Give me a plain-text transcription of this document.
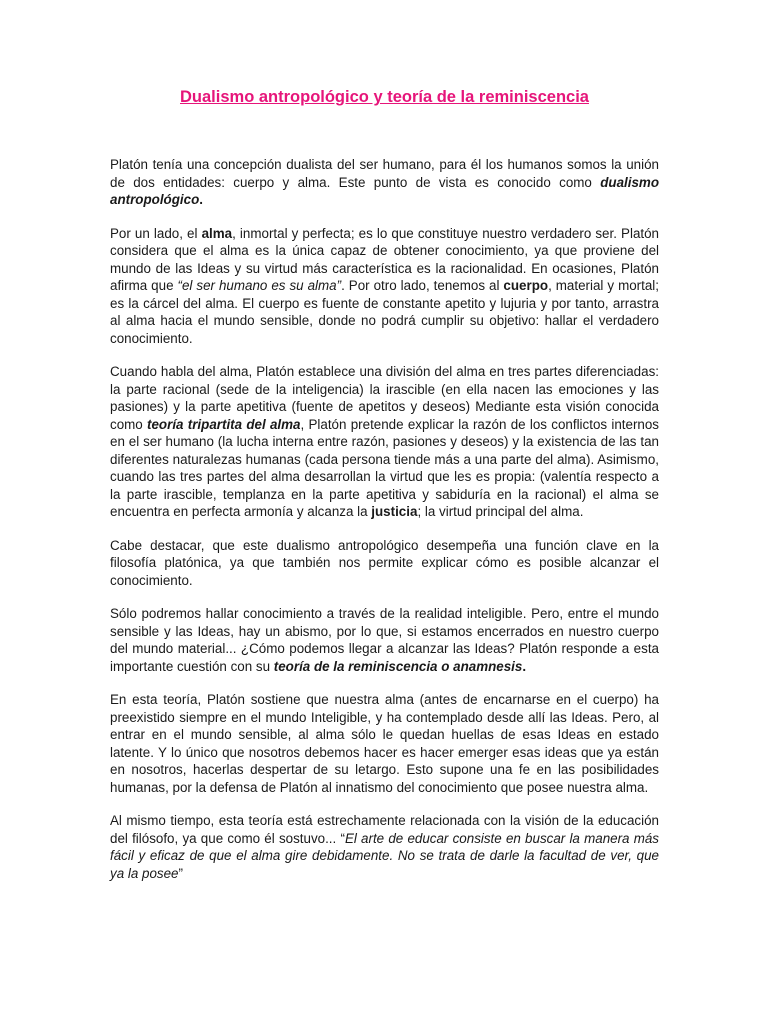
Dualismo antropológico y teoría de la reminiscencia

Platón tenía una concepción dualista del ser humano, para él los humanos somos la unión de dos entidades: cuerpo y alma. Este punto de vista es conocido como dualismo antropológico.

Por un lado, el alma, inmortal y perfecta; es lo que constituye nuestro verdadero ser. Platón considera que el alma es la única capaz de obtener conocimiento, ya que proviene del mundo de las Ideas y su virtud más característica es la racionalidad. En ocasiones, Platón afirma que “el ser humano es su alma”. Por otro lado, tenemos al cuerpo, material y mortal; es la cárcel del alma. El cuerpo es fuente de constante apetito y lujuria y por tanto, arrastra al alma hacia el mundo sensible, donde no podrá cumplir su objetivo: hallar el verdadero conocimiento.

Cuando habla del alma, Platón establece una división del alma en tres partes diferenciadas: la parte racional (sede de la inteligencia) la irascible (en ella nacen las emociones y las pasiones) y la parte apetitiva (fuente de apetitos y deseos) Mediante esta visión conocida como teoría tripartita del alma, Platón pretende explicar la razón de los conflictos internos en el ser humano (la lucha interna entre razón, pasiones y deseos) y la existencia de las tan diferentes naturalezas humanas (cada persona tiende más a una parte del alma). Asimismo, cuando las tres partes del alma desarrollan la virtud que les es propia: (valentía respecto a la parte irascible, templanza en la parte apetitiva y sabiduría en la racional) el alma se encuentra en perfecta armonía y alcanza la justicia; la virtud principal del alma.

Cabe destacar, que este dualismo antropológico desempeña una función clave en la filosofía platónica, ya que también nos permite explicar cómo es posible alcanzar el conocimiento.

Sólo podremos hallar conocimiento a través de la realidad inteligible. Pero, entre el mundo sensible y las Ideas, hay un abismo, por lo que, si estamos encerrados en nuestro cuerpo del mundo material... ¿Cómo podemos llegar a alcanzar las Ideas? Platón responde a esta importante cuestión con su teoría de la reminiscencia o anamnesis.

En esta teoría, Platón sostiene que nuestra alma (antes de encarnarse en el cuerpo) ha preexistido siempre en el mundo Inteligible, y ha contemplado desde allí las Ideas. Pero, al entrar en el mundo sensible, al alma sólo le quedan huellas de esas Ideas en estado latente. Y lo único que nosotros debemos hacer es hacer emerger esas ideas que ya están en nosotros, hacerlas despertar de su letargo. Esto supone una fe en las posibilidades humanas, por la defensa de Platón al innatismo del conocimiento que posee nuestra alma.

Al mismo tiempo, esta teoría está estrechamente relacionada con la visión de la educación del filósofo, ya que como él sostuvo... “El arte de educar consiste en buscar la manera más fácil y eficaz de que el alma gire debidamente. No se trata de darle la facultad de ver, que ya la posee”
